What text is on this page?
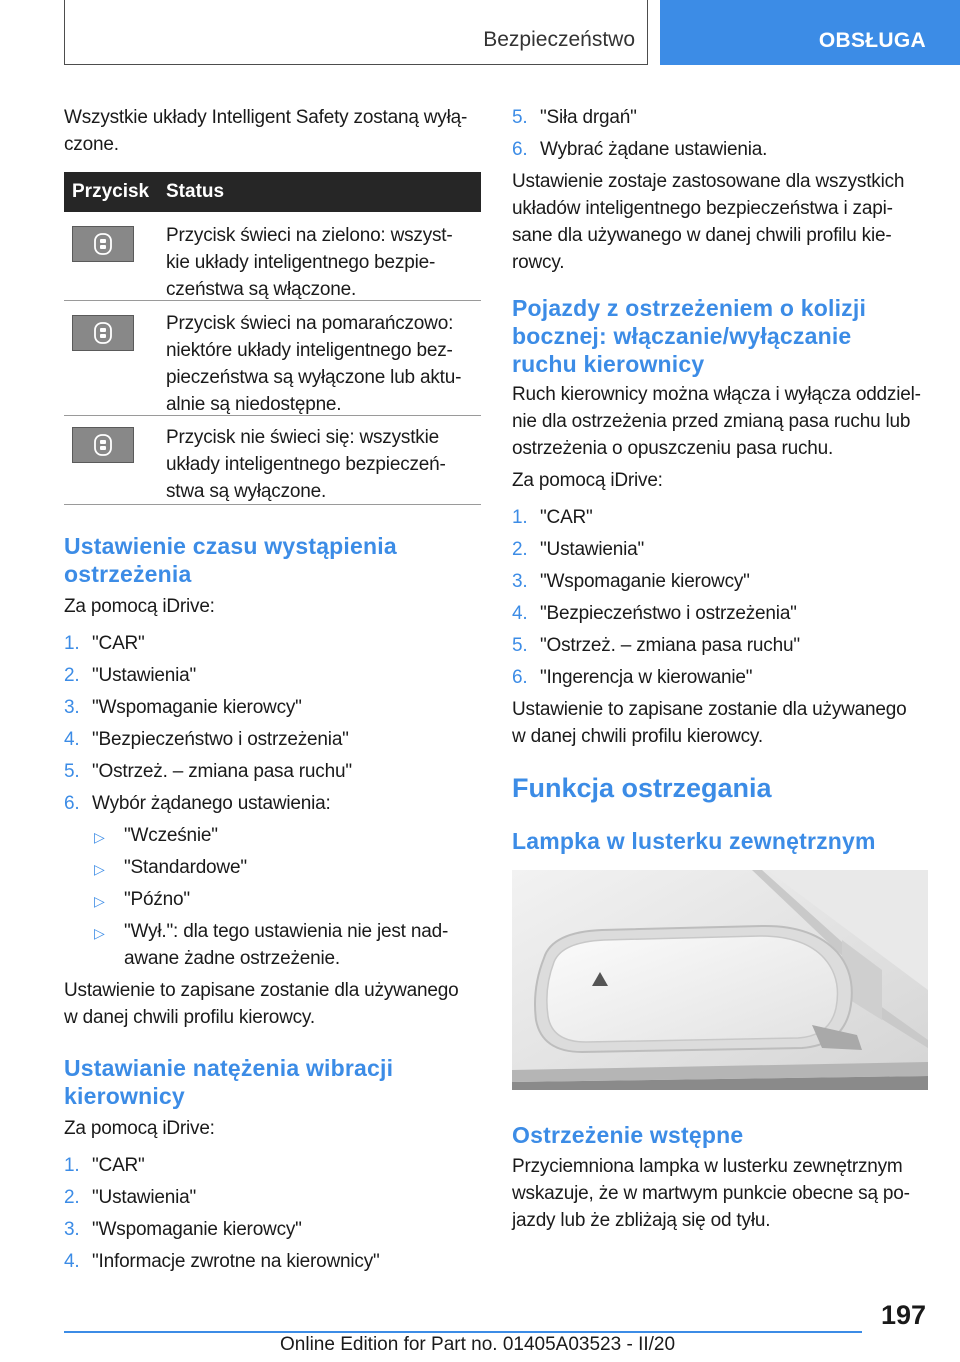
Bezpieczeństwo	OBSŁUGA

Wszystkie układy Intelligent Safety zostaną wyłą-

czone.

Przycisk Status
Przycisk świeci na zielono: wszyst-
kie układy inteligentnego bezpie-
czeństwa są włączone.
Przycisk świeci na pomarańczowo:
niektóre układy inteligentnego bez-
pieczeństwa są wyłączone lub aktu-
alnie są niedostępne.
Przycisk nie świeci się: wszystkie
układy inteligentnego bezpieczeń-
stwa są wyłączone.
Ustawienie czasu wystąpienia
ostrzeżenia

Za pomocą iDrive:

1. "CAR"
2. "Ustawienia"
3. "Wspomaganie kierowcy"
4. "Bezpieczeństwo i ostrzeżenia"
5. "Ostrzeż. – zmiana pasa ruchu"
6. Wybór żądanego ustawienia:
▷ "Wcześnie"
▷ "Standardowe"
▷ "Późno"
▷ "Wył.": dla tego ustawienia nie jest nad-

awane żadne ostrzeżenie.

Ustawienie to zapisane zostanie dla używanego

w danej chwili profilu kierowcy.

Ustawianie natężenia wibracji
kierownicy

Za pomocą iDrive:

1. "CAR"
2. "Ustawienia"
3. "Wspomaganie kierowcy"
4. "Informacje zwrotne na kierownicy"
5. "Siła drgań"
6. Wybrać żądane ustawienia.

Ustawienie zostaje zastosowane dla wszystkich

układów inteligentnego bezpieczeństwa i zapi-

sane dla używanego w danej chwili profilu kie-

rowcy.

Pojazdy z ostrzeżeniem o kolizji
bocznej: włączanie/wyłączanie
ruchu kierownicy

Ruch kierownicy można włącza i wyłącza oddziel-

nie dla ostrzeżenia przed zmianą pasa ruchu lub

ostrzeżenia o opuszczeniu pasa ruchu.

Za pomocą iDrive:

1. "CAR"
2. "Ustawienia"
3. "Wspomaganie kierowcy"
4. "Bezpieczeństwo i ostrzeżenia"
5. "Ostrzeż. – zmiana pasa ruchu"
6. "Ingerencja w kierowanie"

Ustawienie to zapisane zostanie dla używanego

w danej chwili profilu kierowcy.

Funkcja ostrzegania
Lampka w lusterku zewnętrznym
Ostrzeżenie wstępne

Przyciemniona lampka w lusterku zewnętrznym

wskazuje, że w martwym punkcie obecne są po-

jazdy lub że zbliżają się od tyłu.

197
Online Edition for Part no. 01405A03523 - II/20
